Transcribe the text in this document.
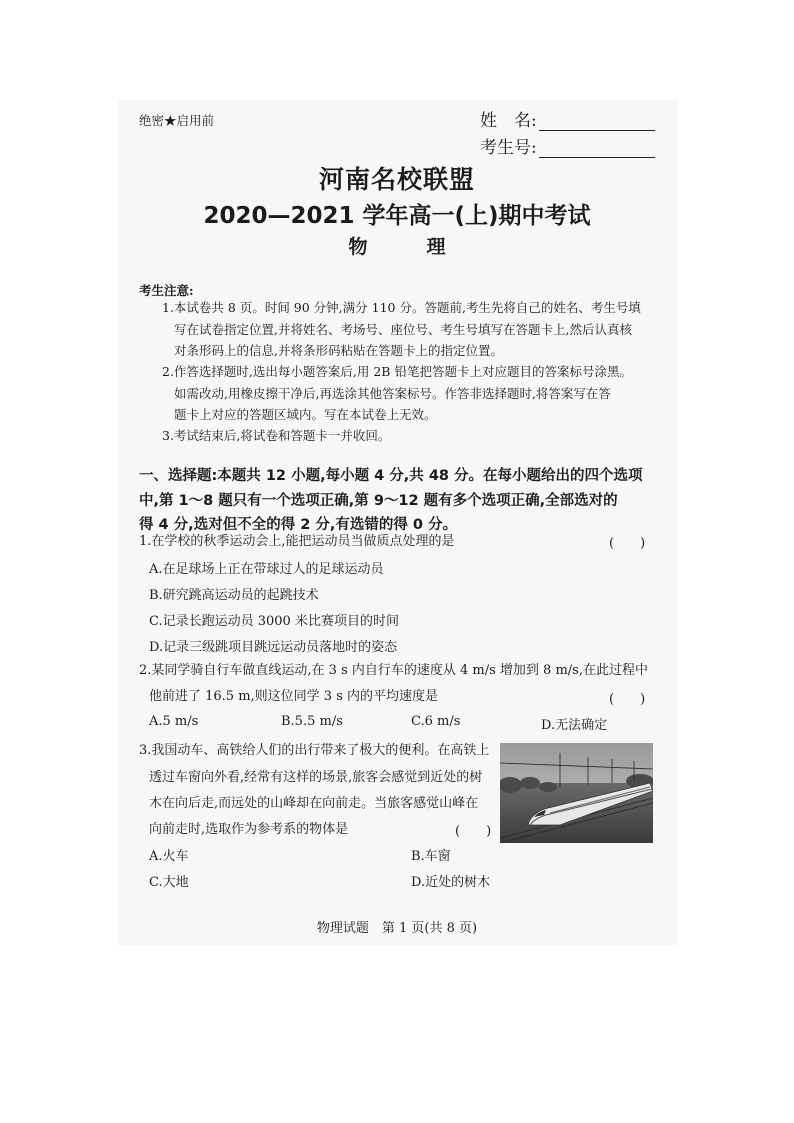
绝密★启用前	姓　名:
考生号:
河南名校联盟
2020—2021 学年高一(上)期中考试
物　理
考生注意:
1.本试卷共 8 页。时间 90 分钟,满分 110 分。答题前,考生先将自己的姓名、考生号填
写在试卷指定位置,并将姓名、考场号、座位号、考生号填写在答题卡上,然后认真核
对条形码上的信息,并将条形码粘贴在答题卡上的指定位置。
2.作答选择题时,选出每小题答案后,用 2B 铅笔把答题卡上对应题目的答案标号涂黑。
如需改动,用橡皮擦干净后,再选涂其他答案标号。作答非选择题时,将答案写在答
题卡上对应的答题区域内。写在本试卷上无效。
3.考试结束后,将试卷和答题卡一并收回。
一、选择题:本题共 12 小题,每小题 4 分,共 48 分。在每小题给出的四个选项
中,第 1～8 题只有一个选项正确,第 9～12 题有多个选项正确,全部选对的
得 4 分,选对但不全的得 2 分,有选错的得 0 分。
1.在学校的秋季运动会上,能把运动员当做质点处理的是	(　　)
A.在足球场上正在带球过人的足球运动员
B.研究跳高运动员的起跳技术
C.记录长跑运动员 3000 米比赛项目的时间
D.记录三级跳项目跳远运动员落地时的姿态
2.某同学骑自行车做直线运动,在 3 s 内自行车的速度从 4 m/s 增加到 8 m/s,在此过程中
他前进了 16.5 m,则这位同学 3 s 内的平均速度是	(　　)
A.5 m/s	B.5.5 m/s	C.6 m/s	D.无法确定
3.我国动车、高铁给人们的出行带来了极大的便利。在高铁上
透过车窗向外看,经常有这样的场景,旅客会感觉到近处的树
木在向后走,而远处的山峰却在向前走。当旅客感觉山峰在
向前走时,选取作为参考系的物体是	(　　)
A.火车	B.车窗
C.大地	D.近处的树木
物理试题　第 1 页(共 8 页)
